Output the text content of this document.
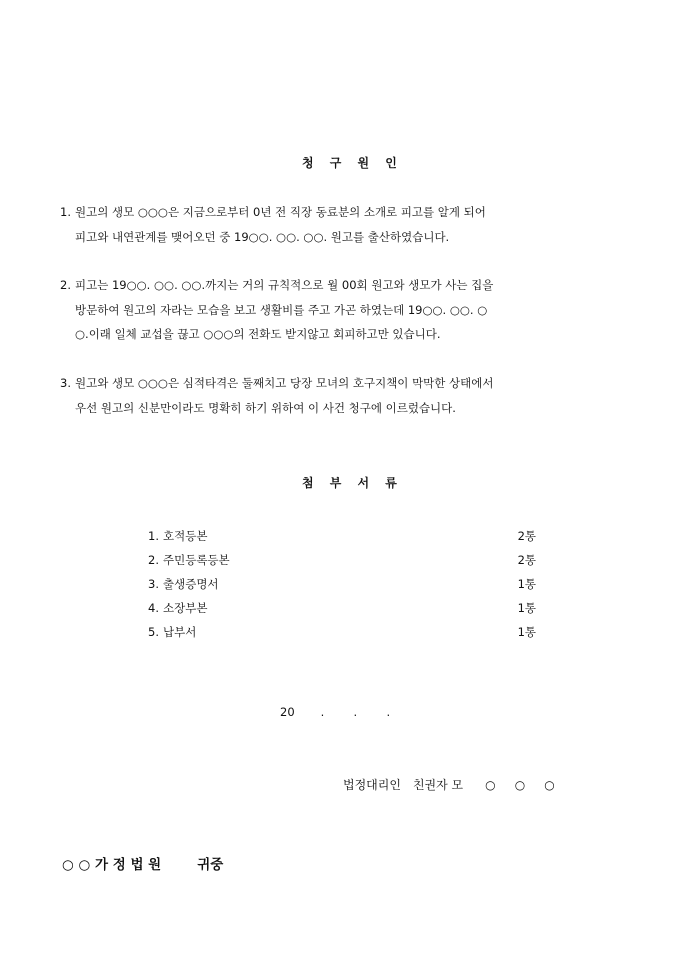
청 구 원 인
1. 원고의 생모 ○○○은 지금으로부터 0년 전 직장 동료분의 소개로 피고를 알게 되어
피고와 내연관계를 맺어오던 중 19○○. ○○. ○○. 원고를 출산하였습니다.
2. 피고는 19○○. ○○. ○○.까지는 거의 규칙적으로 월 00회 원고와 생모가 사는 집을
방문하여 원고의 자라는 모습을 보고 생활비를 주고 가곤 하였는데 19○○. ○○. ○
○.이래 일체 교섭을 끊고 ○○○의 전화도 받지않고 회피하고만 있습니다.
3. 원고와 생모 ○○○은 심적타격은 둘째치고 당장 모녀의 호구지책이 막막한 상태에서
우선 원고의 신분만이라도 명확히 하기 위하여 이 사건 청구에 이르렀습니다.
첨 부 서 류
1. 호적등본	2통
2. 주민등록등본	2통
3. 출생증명서	1통
4. 소장부본	1통
5. 납부서	1통
20 .        .        .
법정대리인 친권자 모 ○     ○     ○
○ ○ 가 정 법 원	귀중
